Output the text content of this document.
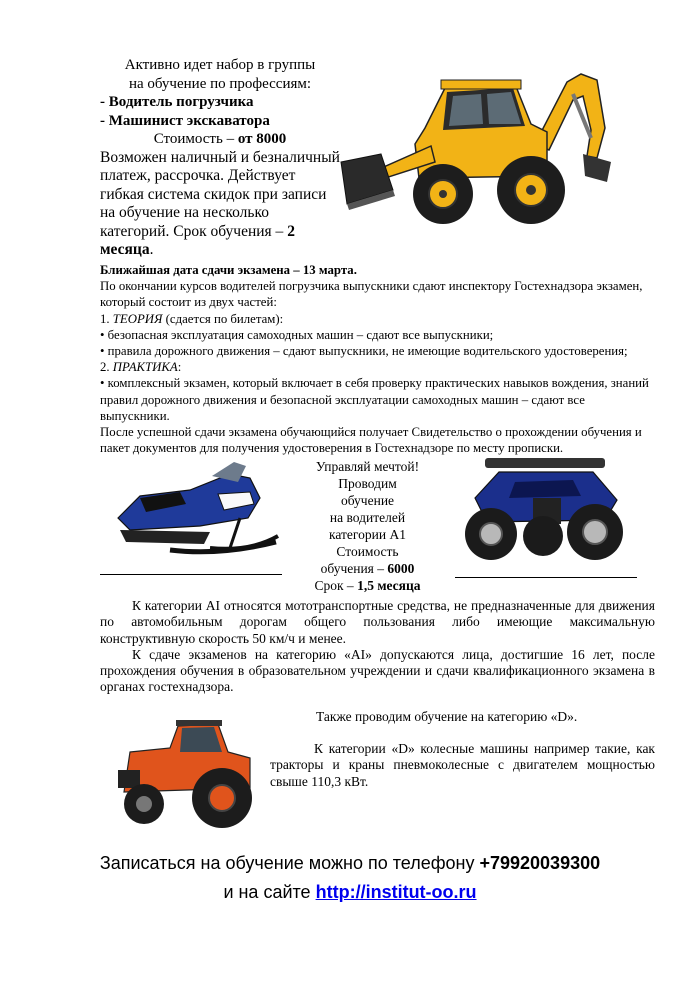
Активно идет набор в группы
на обучение по профессиям:
- Водитель погрузчика
- Машинист экскаватора
Стоимость – от 8000
Возможен наличный и безналичный платеж, рассрочка. Действует гибкая система скидок при записи на обучение на несколько категорий. Срок обучения – 2 месяца.

Ближайшая дата сдачи экзамена – 13 марта.

По окончании курсов водителей погрузчика выпускники сдают инспектору Гостехнадзора экзамен, который состоит из двух частей:

1. ТЕОРИЯ (сдается по билетам):

• безопасная эксплуатация самоходных машин – сдают все выпускники;

• правила дорожного движения – сдают выпускники, не имеющие водительского удостоверения;

2. ПРАКТИКА:

• комплексный экзамен, который включает в себя проверку практических навыков вождения, знаний правил дорожного движения и безопасной эксплуатации самоходных машин – сдают все выпускники.

После успешной сдачи экзамена обучающийся получает Свидетельство о прохождении обучения и пакет документов для получения удостоверения в Гостехнадзоре по месту прописки.

Управляй мечтой!
Проводим
обучение
на водителей
категории А1
Стоимость
обучения – 6000
Срок – 1,5 месяца

К категории AI относятся мототранспортные средства, не предназначенные для движения по автомобильным дорогам общего пользования либо имеющие максимальную конструктивную скорость 50 км/ч и менее.

К сдаче экзаменов на категорию «AI» допускаются лица, достигшие 16 лет, после прохождения обучения в образовательном учреждении и сдачи квалификационного экзамена в органах гостехнадзора.

Также проводим обучение на категорию «D».
К категории «D» колесные машины например такие, как тракторы и краны пневмоколесные с двигателем мощностью свыше 110,3 кВт.
Записаться на обучение можно по телефону +79920039300
и на сайте http://institut-oo.ru
